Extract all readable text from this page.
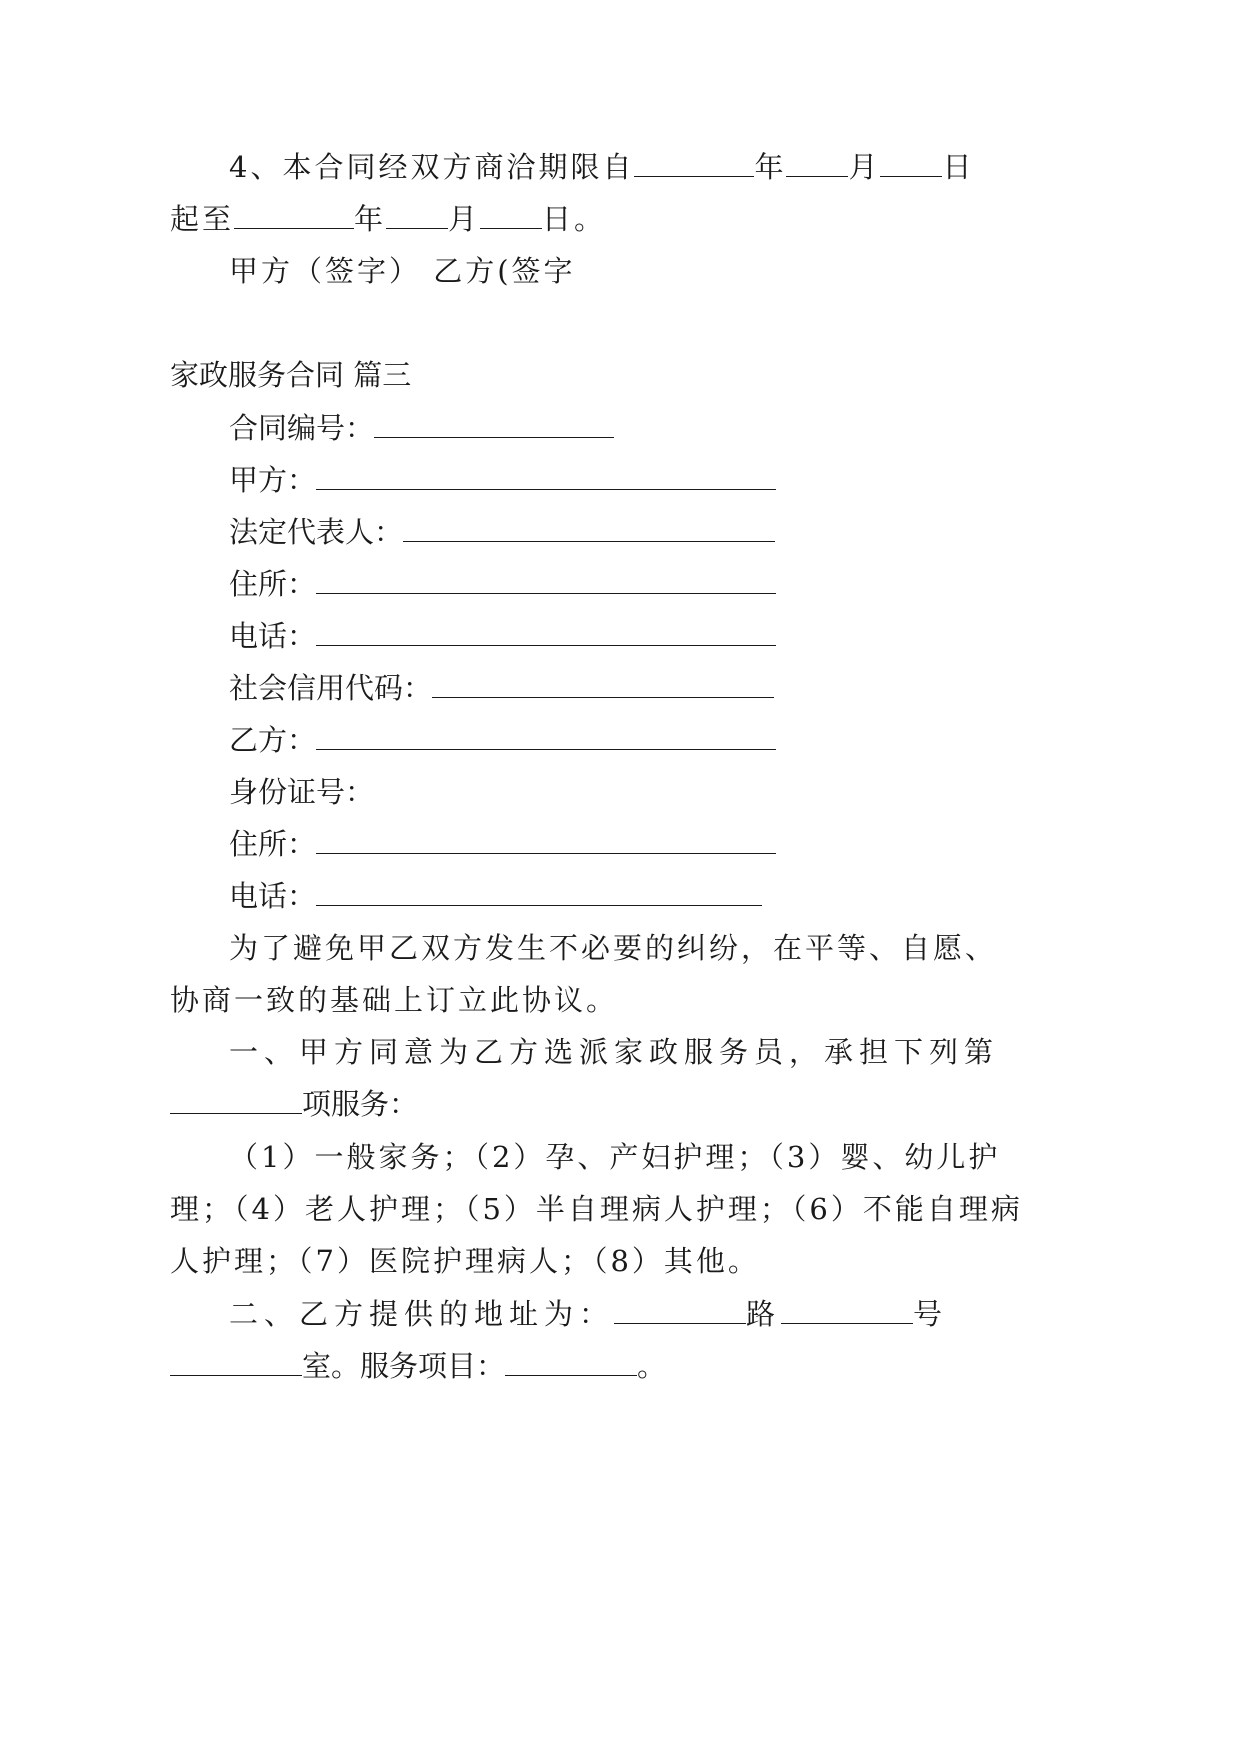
4、本合同经双方商洽期限自	年 月 日
起至	年 月 日。
甲方（签字） 乙方(签字
家政服务合同 篇三
合同编号：
甲方：
法定代表人：
住所：
电话：
社会信用代码：
乙方：
身份证号：
住所：
电话：
为了避免甲乙双方发生不必要的纠纷，在平等、自愿、
协商一致的基础上订立此协议。
一、甲方同意为乙方选派家政服务员，承担下列第
项服务：
（1）一般家务；（2）孕、产妇护理；（3）婴、幼儿护
理；（4）老人护理；（5）半自理病人护理；（6）不能自理病
人护理；（7）医院护理病人；（8）其他。
二、乙方提供的地址为：	路	号
室。服务项目：	。
